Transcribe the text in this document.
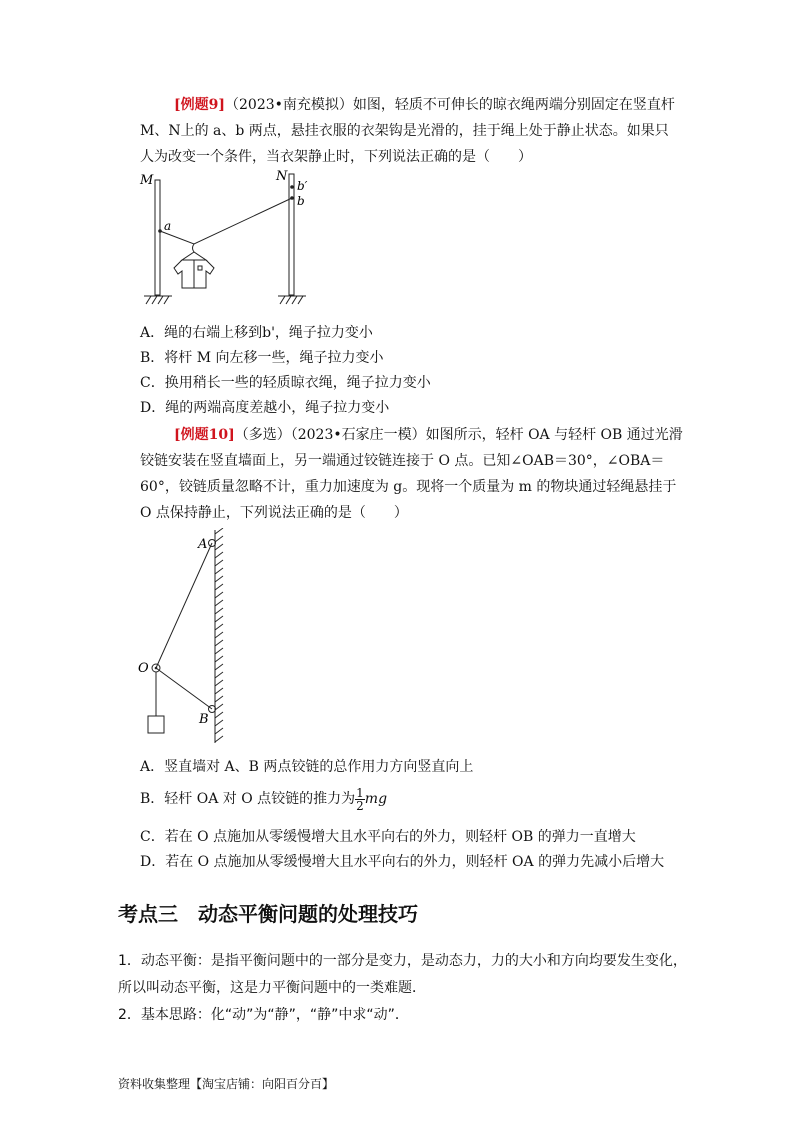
[例题9]（2023•南充模拟）如图，轻质不可伸长的晾衣绳两端分别固定在竖直杆
M、N上的 a、b 两点，悬挂衣服的衣架钩是光滑的，挂于绳上处于静止状态。如果只
人为改变一个条件，当衣架静止时，下列说法正确的是（　　）
M	N
a
b′
b
A．绳的右端上移到b'，绳子拉力变小
B．将杆 M 向左移一些，绳子拉力变小
C．换用稍长一些的轻质晾衣绳，绳子拉力变小
D．绳的两端高度差越小，绳子拉力变小
[例题10]（多选）（2023•石家庄一模）如图所示，轻杆 OA 与轻杆 OB 通过光滑
铰链安装在竖直墙面上，另一端通过铰链连接于 O 点。已知∠OAB＝30°，∠OBA＝
60°，铰链质量忽略不计，重力加速度为 g。现将一个质量为 m 的物块通过轻绳悬挂于
O 点保持静止，下列说法正确的是（　　）
A
B
O
A．竖直墙对 A、B 两点铰链的总作用力方向竖直向上
B．轻杆 OA 对 O 点铰链的推力为 $\frac{1}{2}$ mg
C．若在 O 点施加从零缓慢增大且水平向右的外力，则轻杆 OB 的弹力一直增大
D．若在 O 点施加从零缓慢增大且水平向右的外力，则轻杆 OA 的弹力先减小后增大
考点三　动态平衡问题的处理技巧
1．动态平衡：是指平衡问题中的一部分是变力，是动态力，力的大小和方向均要发生变化，
所以叫动态平衡，这是力平衡问题中的一类难题．
2．基本思路：化“动”为“静”，“静”中求“动”．
资料收集整理【淘宝店铺：向阳百分百】
